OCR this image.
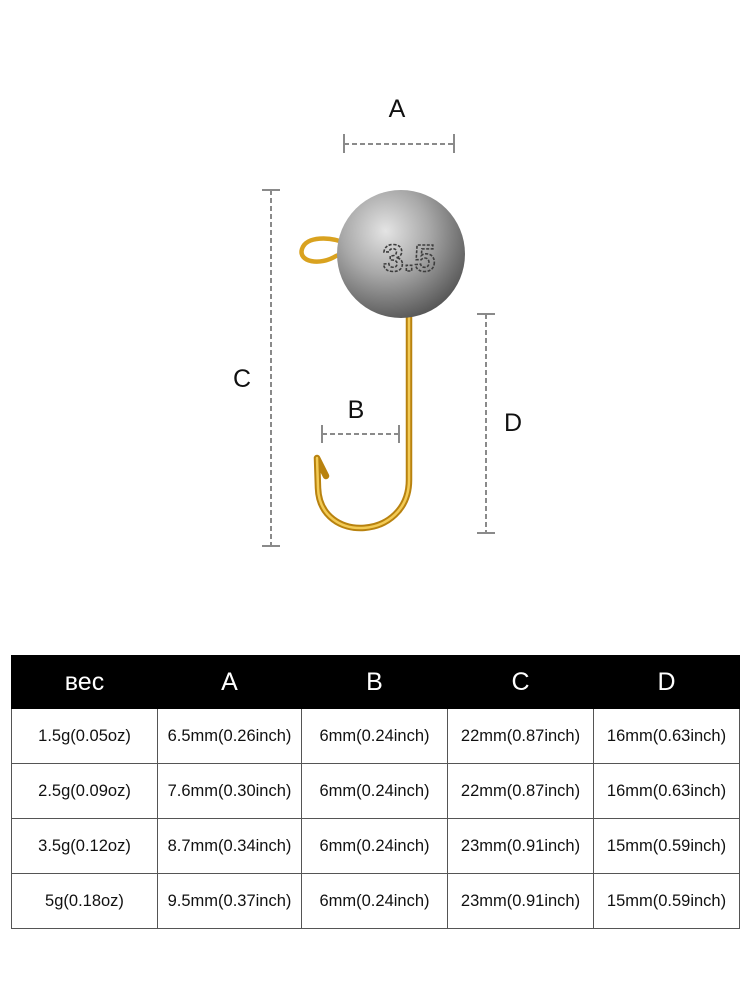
A
C
D
B
3.5
вес	A	B	C	D
1.5g(0.05oz)	6.5mm(0.26inch)	6mm(0.24inch)	22mm(0.87inch)	16mm(0.63inch)
2.5g(0.09oz)	7.6mm(0.30inch)	6mm(0.24inch)	22mm(0.87inch)	16mm(0.63inch)
3.5g(0.12oz)	8.7mm(0.34inch)	6mm(0.24inch)	23mm(0.91inch)	15mm(0.59inch)
5g(0.18oz)	9.5mm(0.37inch)	6mm(0.24inch)	23mm(0.91inch)	15mm(0.59inch)
